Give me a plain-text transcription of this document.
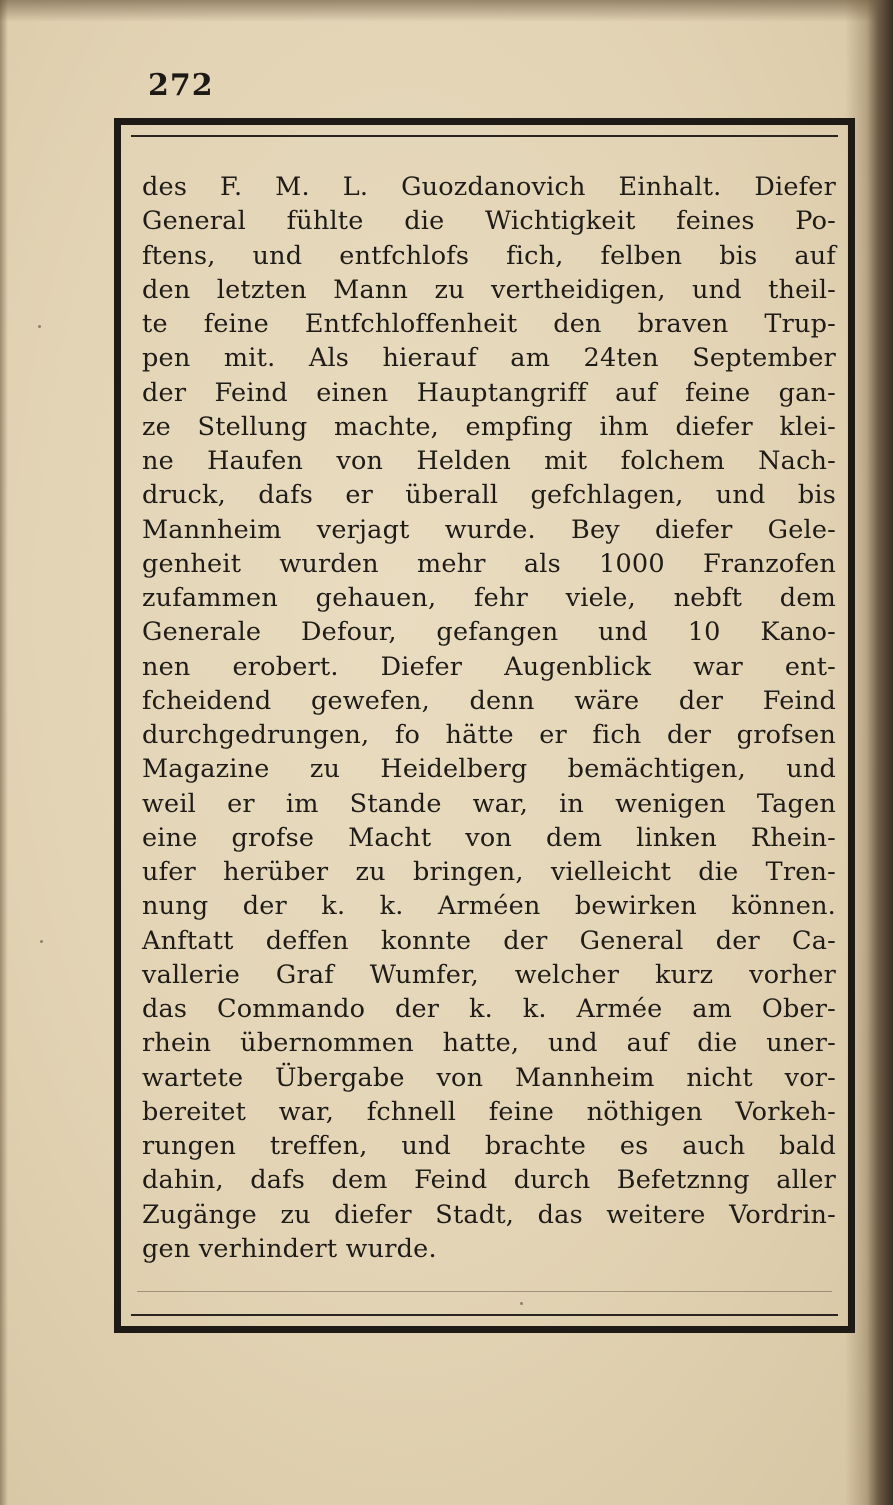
272
des F. M. L. Guozdanovich Einhalt. Diefer
General fühlte die Wichtigkeit feines Po-
ftens, und entfchlofs fich, felben bis auf
den letzten Mann zu vertheidigen, und theil-
te feine Entfchloffenheit den braven Trup-
pen mit. Als hierauf am 24ten September
der Feind einen Hauptangriff auf feine gan-
ze Stellung machte, empfing ihm diefer klei-
ne Haufen von Helden mit folchem Nach-
druck, dafs er überall gefchlagen, und bis
Mannheim verjagt wurde. Bey diefer Gele-
genheit wurden mehr als 1000 Franzofen
zufammen gehauen, fehr viele, nebft dem
Generale Defour, gefangen und 10 Kano-
nen erobert. Diefer Augenblick war ent-
fcheidend gewefen, denn wäre der Feind
durchgedrungen, fo hätte er fich der grofsen
Magazine zu Heidelberg bemächtigen, und
weil er im Stande war, in wenigen Tagen
eine grofse Macht von dem linken Rhein-
ufer herüber zu bringen, vielleicht die Tren-
nung der k. k. Arméen bewirken können.
Anftatt deffen konnte der General der Ca-
vallerie Graf Wumfer, welcher kurz vorher
das Commando der k. k. Armée am Ober-
rhein übernommen hatte, und auf die uner-
wartete Übergabe von Mannheim nicht vor-
bereitet war, fchnell feine nöthigen Vorkeh-
rungen treffen, und brachte es auch bald
dahin, dafs dem Feind durch Befetznng aller
Zugänge zu diefer Stadt, das weitere Vordrin-
gen verhindert wurde.
